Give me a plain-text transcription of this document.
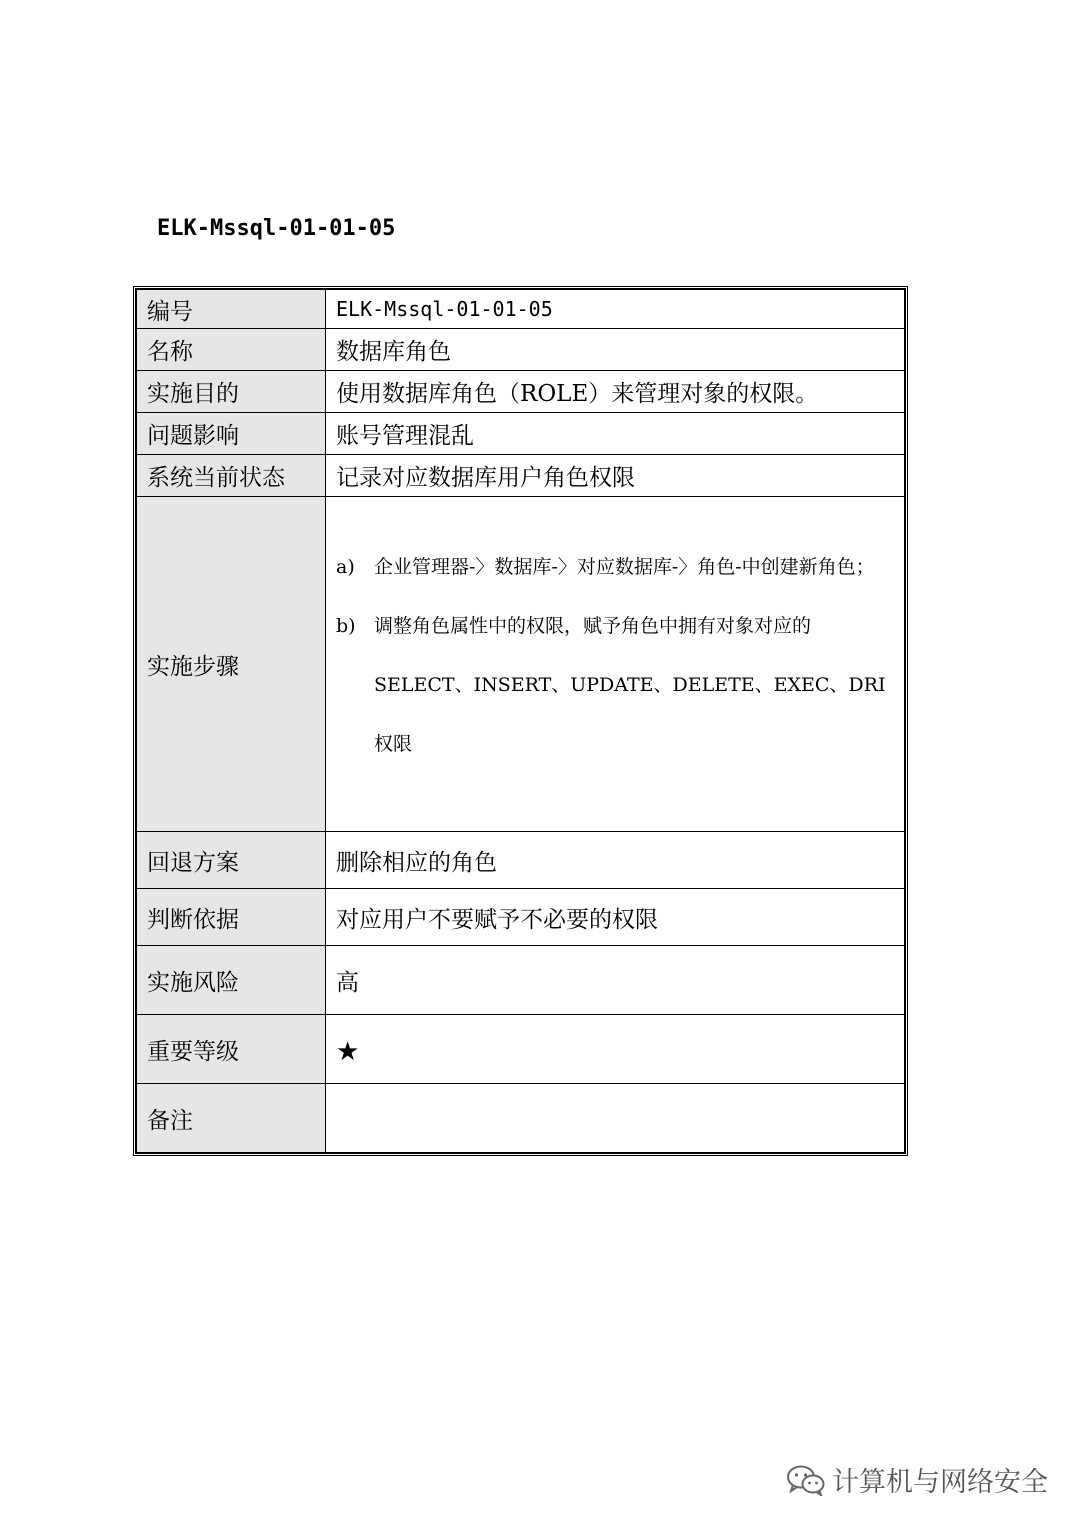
ELK-Mssql-01-01-05
编号	ELK-Mssql-01-01-05
名称	数据库角色
实施目的	使用数据库角色（ROLE）来管理对象的权限。
问题影响	账号管理混乱
系统当前状态	记录对应数据库用户角色权限
实施步骤	a) 企业管理器-〉数据库-〉对应数据库-〉角色-中创建新角色；
b) 调整角色属性中的权限，赋予角色中拥有对象对应的SELECT、INSERT、UPDATE、DELETE、EXEC、DRI 权限

回退方案	删除相应的角色
判断依据	对应用户不要赋予不必要的权限
实施风险	高
重要等级	★
备注	
计算机与网络安全
